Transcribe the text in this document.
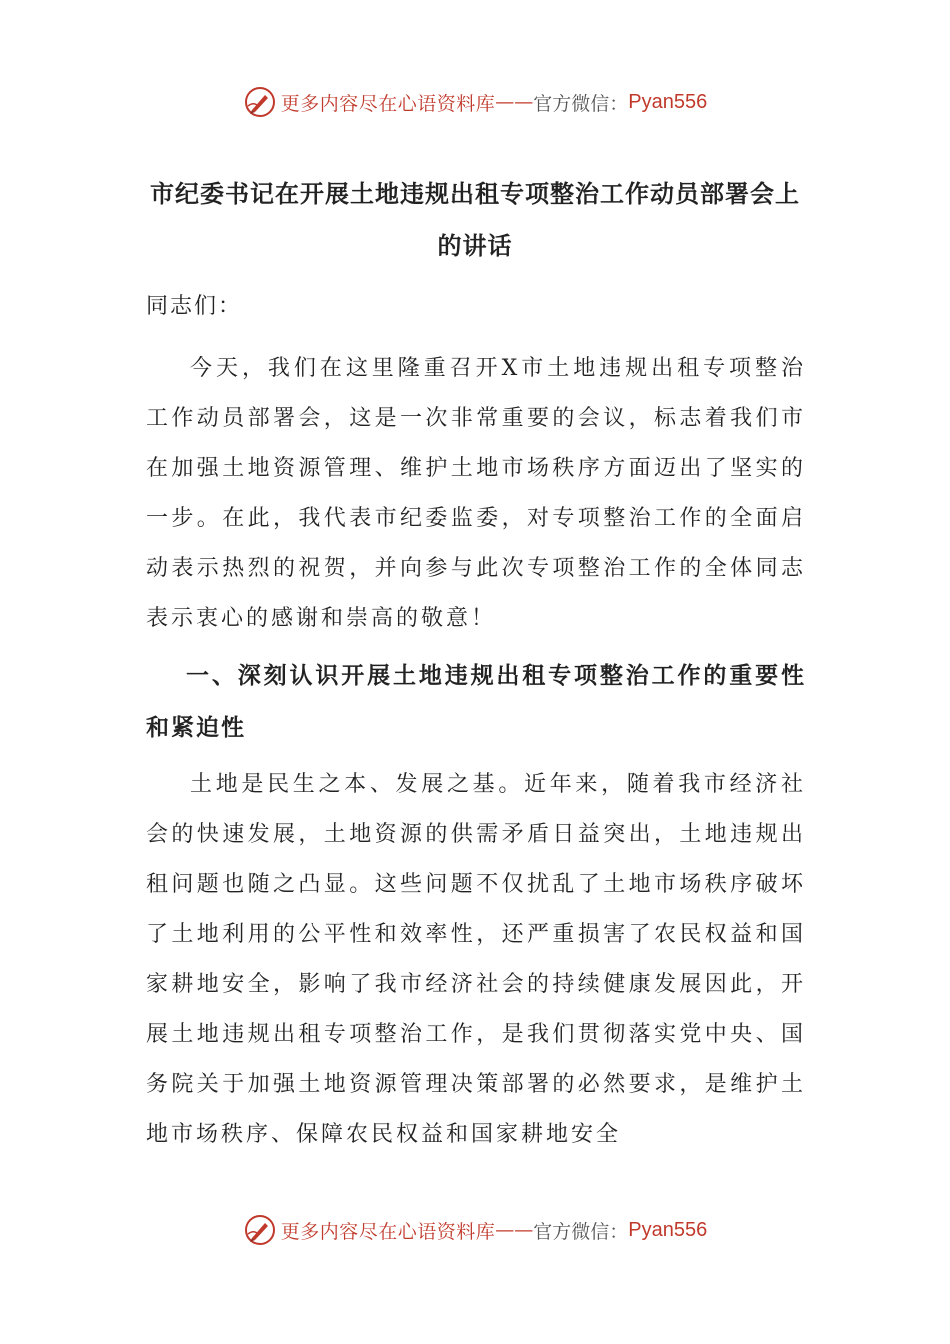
更多内容尽在心语资料库 —— 官方微信： Pyan556
市纪委书记在开展土地违规出租专项整治工作动员部署会上的讲话

同志们：

今天，我们在这里隆重召开X市土地违规出租专项整治工作动员部署会，这是一次非常重要的会议，标志着我们市在加强土地资源管理、维护土地市场秩序方面迈出了坚实的一步。在此，我代表市纪委监委，对专项整治工作的全面启动表示热烈的祝贺，并向参与此次专项整治工作的全体同志表示衷心的感谢和崇高的敬意！

一、深刻认识开展土地违规出租专项整治工作的重要性和紧迫性

土地是民生之本、发展之基。近年来，随着我市经济社会的快速发展，土地资源的供需矛盾日益突出，土地违规出租问题也随之凸显。这些问题不仅扰乱了土地市场秩序破坏了土地利用的公平性和效率性，还严重损害了农民权益和国家耕地安全，影响了我市经济社会的持续健康发展因此，开展土地违规出租专项整治工作，是我们贯彻落实党中央、国务院关于加强土地资源管理决策部署的必然要求，是维护土地市场秩序、保障农民权益和国家耕地安全

更多内容尽在心语资料库 —— 官方微信： Pyan556
